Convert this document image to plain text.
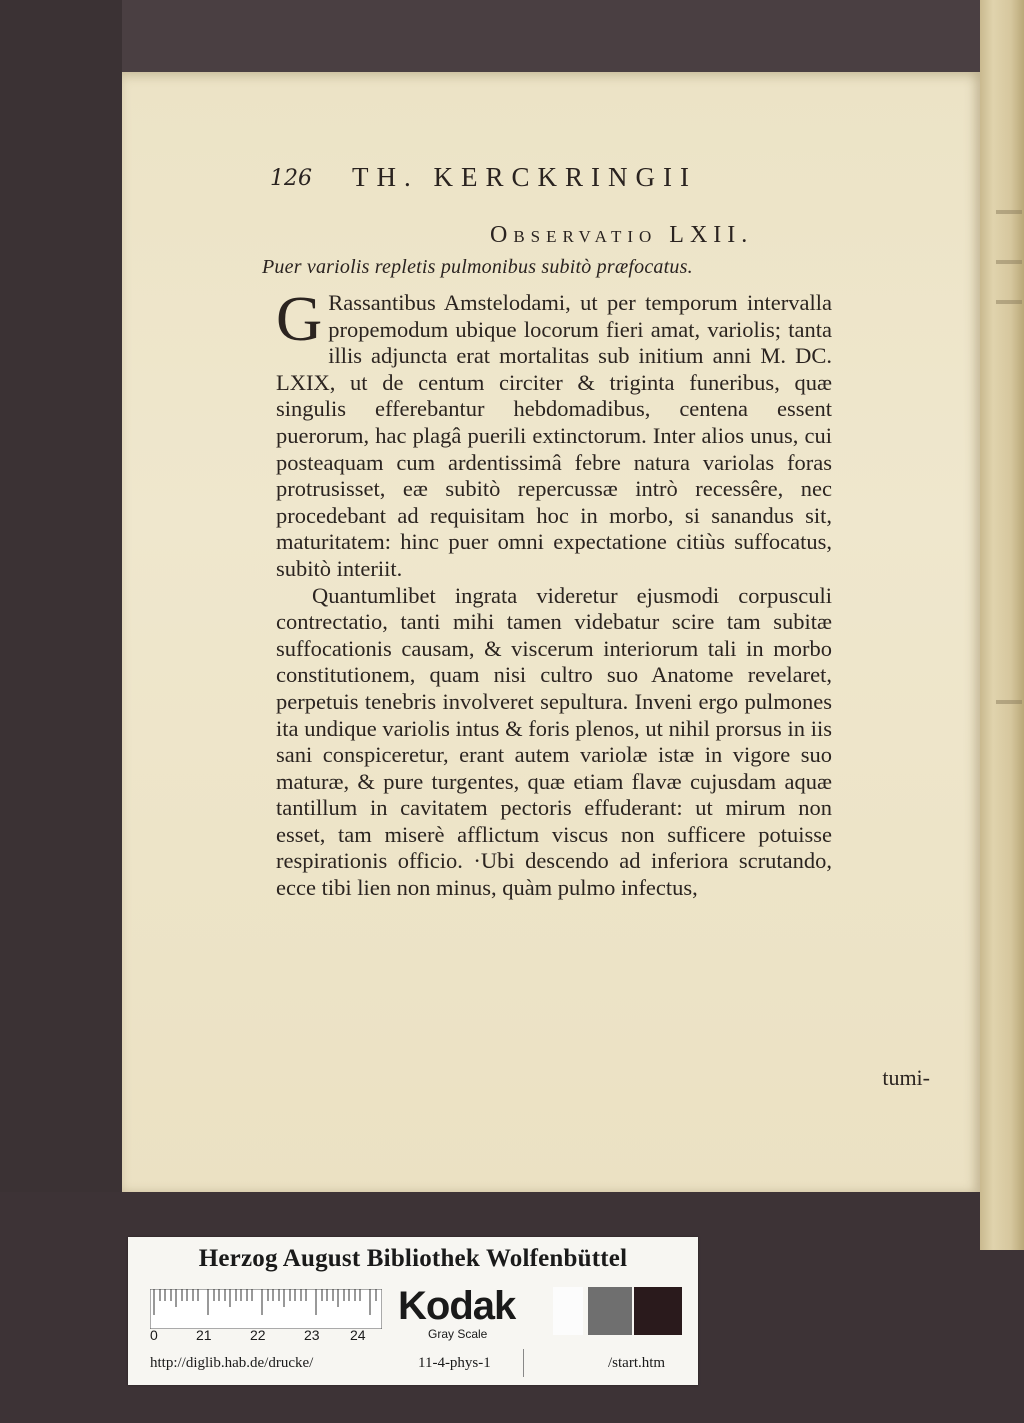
126 TH. KERCKRINGII
Observatio LXII.
Puer variolis repletis pulmonibus subitò præfocatus.

G Rassantibus Amstelodami, ut per temporum intervalla propemodum ubique locorum fieri amat, variolis; tanta illis adjuncta erat mortalitas sub initium anni M. DC. LXIX, ut de centum circiter & triginta funeribus, quæ singulis efferebantur hebdomadibus, centena essent puerorum, hac plagâ puerili extinctorum. Inter alios unus, cui posteaquam cum ardentissimâ febre natura variolas foras protrusisset, eæ subitò repercussæ intrò recessêre, nec procedebant ad requisitam hoc in morbo, si sanandus sit, maturitatem: hinc puer omni expectatione citiùs suffocatus, subitò interiit.

Quantumlibet ingrata videretur ejusmodi corpusculi contrectatio, tanti mihi tamen videbatur scire tam subitæ suffocationis causam, & viscerum interiorum tali in morbo constitutionem, quam nisi cultro suo Anatome revelaret, perpetuis tenebris involveret sepultura. Inveni ergo pulmones ita undique variolis intus & foris plenos, ut nihil prorsus in iis sani conspiceretur, erant autem variolæ istæ in vigore suo maturæ, & pure turgentes, quæ etiam flavæ cujusdam aquæ tantillum in cavitatem pectoris effuderant: ut mirum non esset, tam miserè afflictum viscus non sufficere potuisse respirationis officio. ·Ubi descendo ad inferiora scrutando, ecce tibi lien non minus, quàm pulmo infectus,

tumi-
Herzog August Bibliothek Wolfenbüttel
0	21	22	23 24
Kodak
Gray Scale
http://diglib.hab.de/drucke/	11-4-phys-1	/start.htm
